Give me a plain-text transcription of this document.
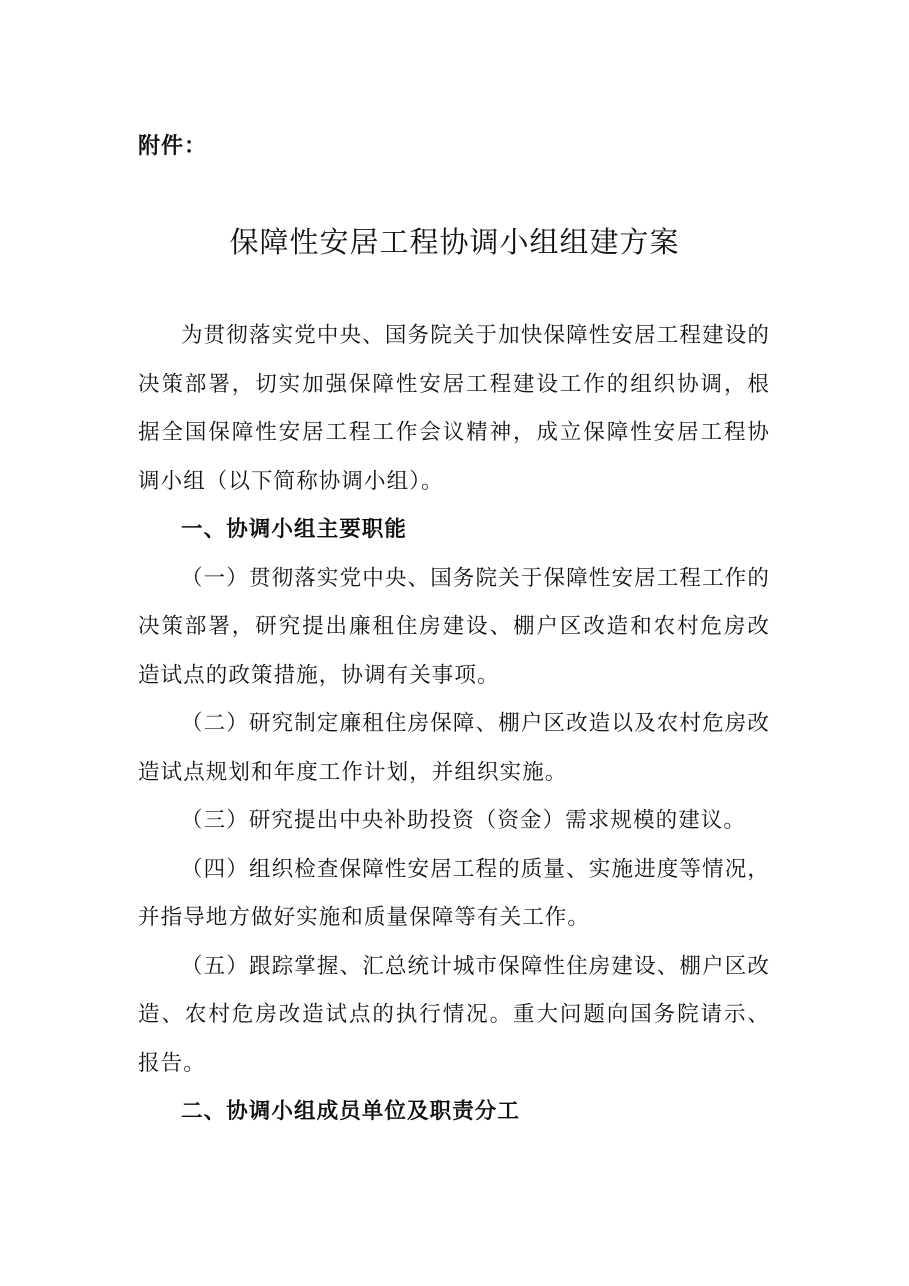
附件：
保障性安居工程协调小组组建方案

为贯彻落实党中央、国务院关于加快保障性安居工程建设的决策部署，切实加强保障性安居工程建设工作的组织协调，根据全国保障性安居工程工作会议精神，成立保障性安居工程协调小组（以下简称协调小组）。

一、协调小组主要职能

（一）贯彻落实党中央、国务院关于保障性安居工程工作的决策部署，研究提出廉租住房建设、棚户区改造和农村危房改造试点的政策措施，协调有关事项。

（二）研究制定廉租住房保障、棚户区改造以及农村危房改造试点规划和年度工作计划，并组织实施。

（三）研究提出中央补助投资（资金）需求规模的建议。

（四）组织检查保障性安居工程的质量、实施进度等情况，并指导地方做好实施和质量保障等有关工作。

（五）跟踪掌握、汇总统计城市保障性住房建设、棚户区改造、农村危房改造试点的执行情况。重大问题向国务院请示、报告。

二、协调小组成员单位及职责分工
